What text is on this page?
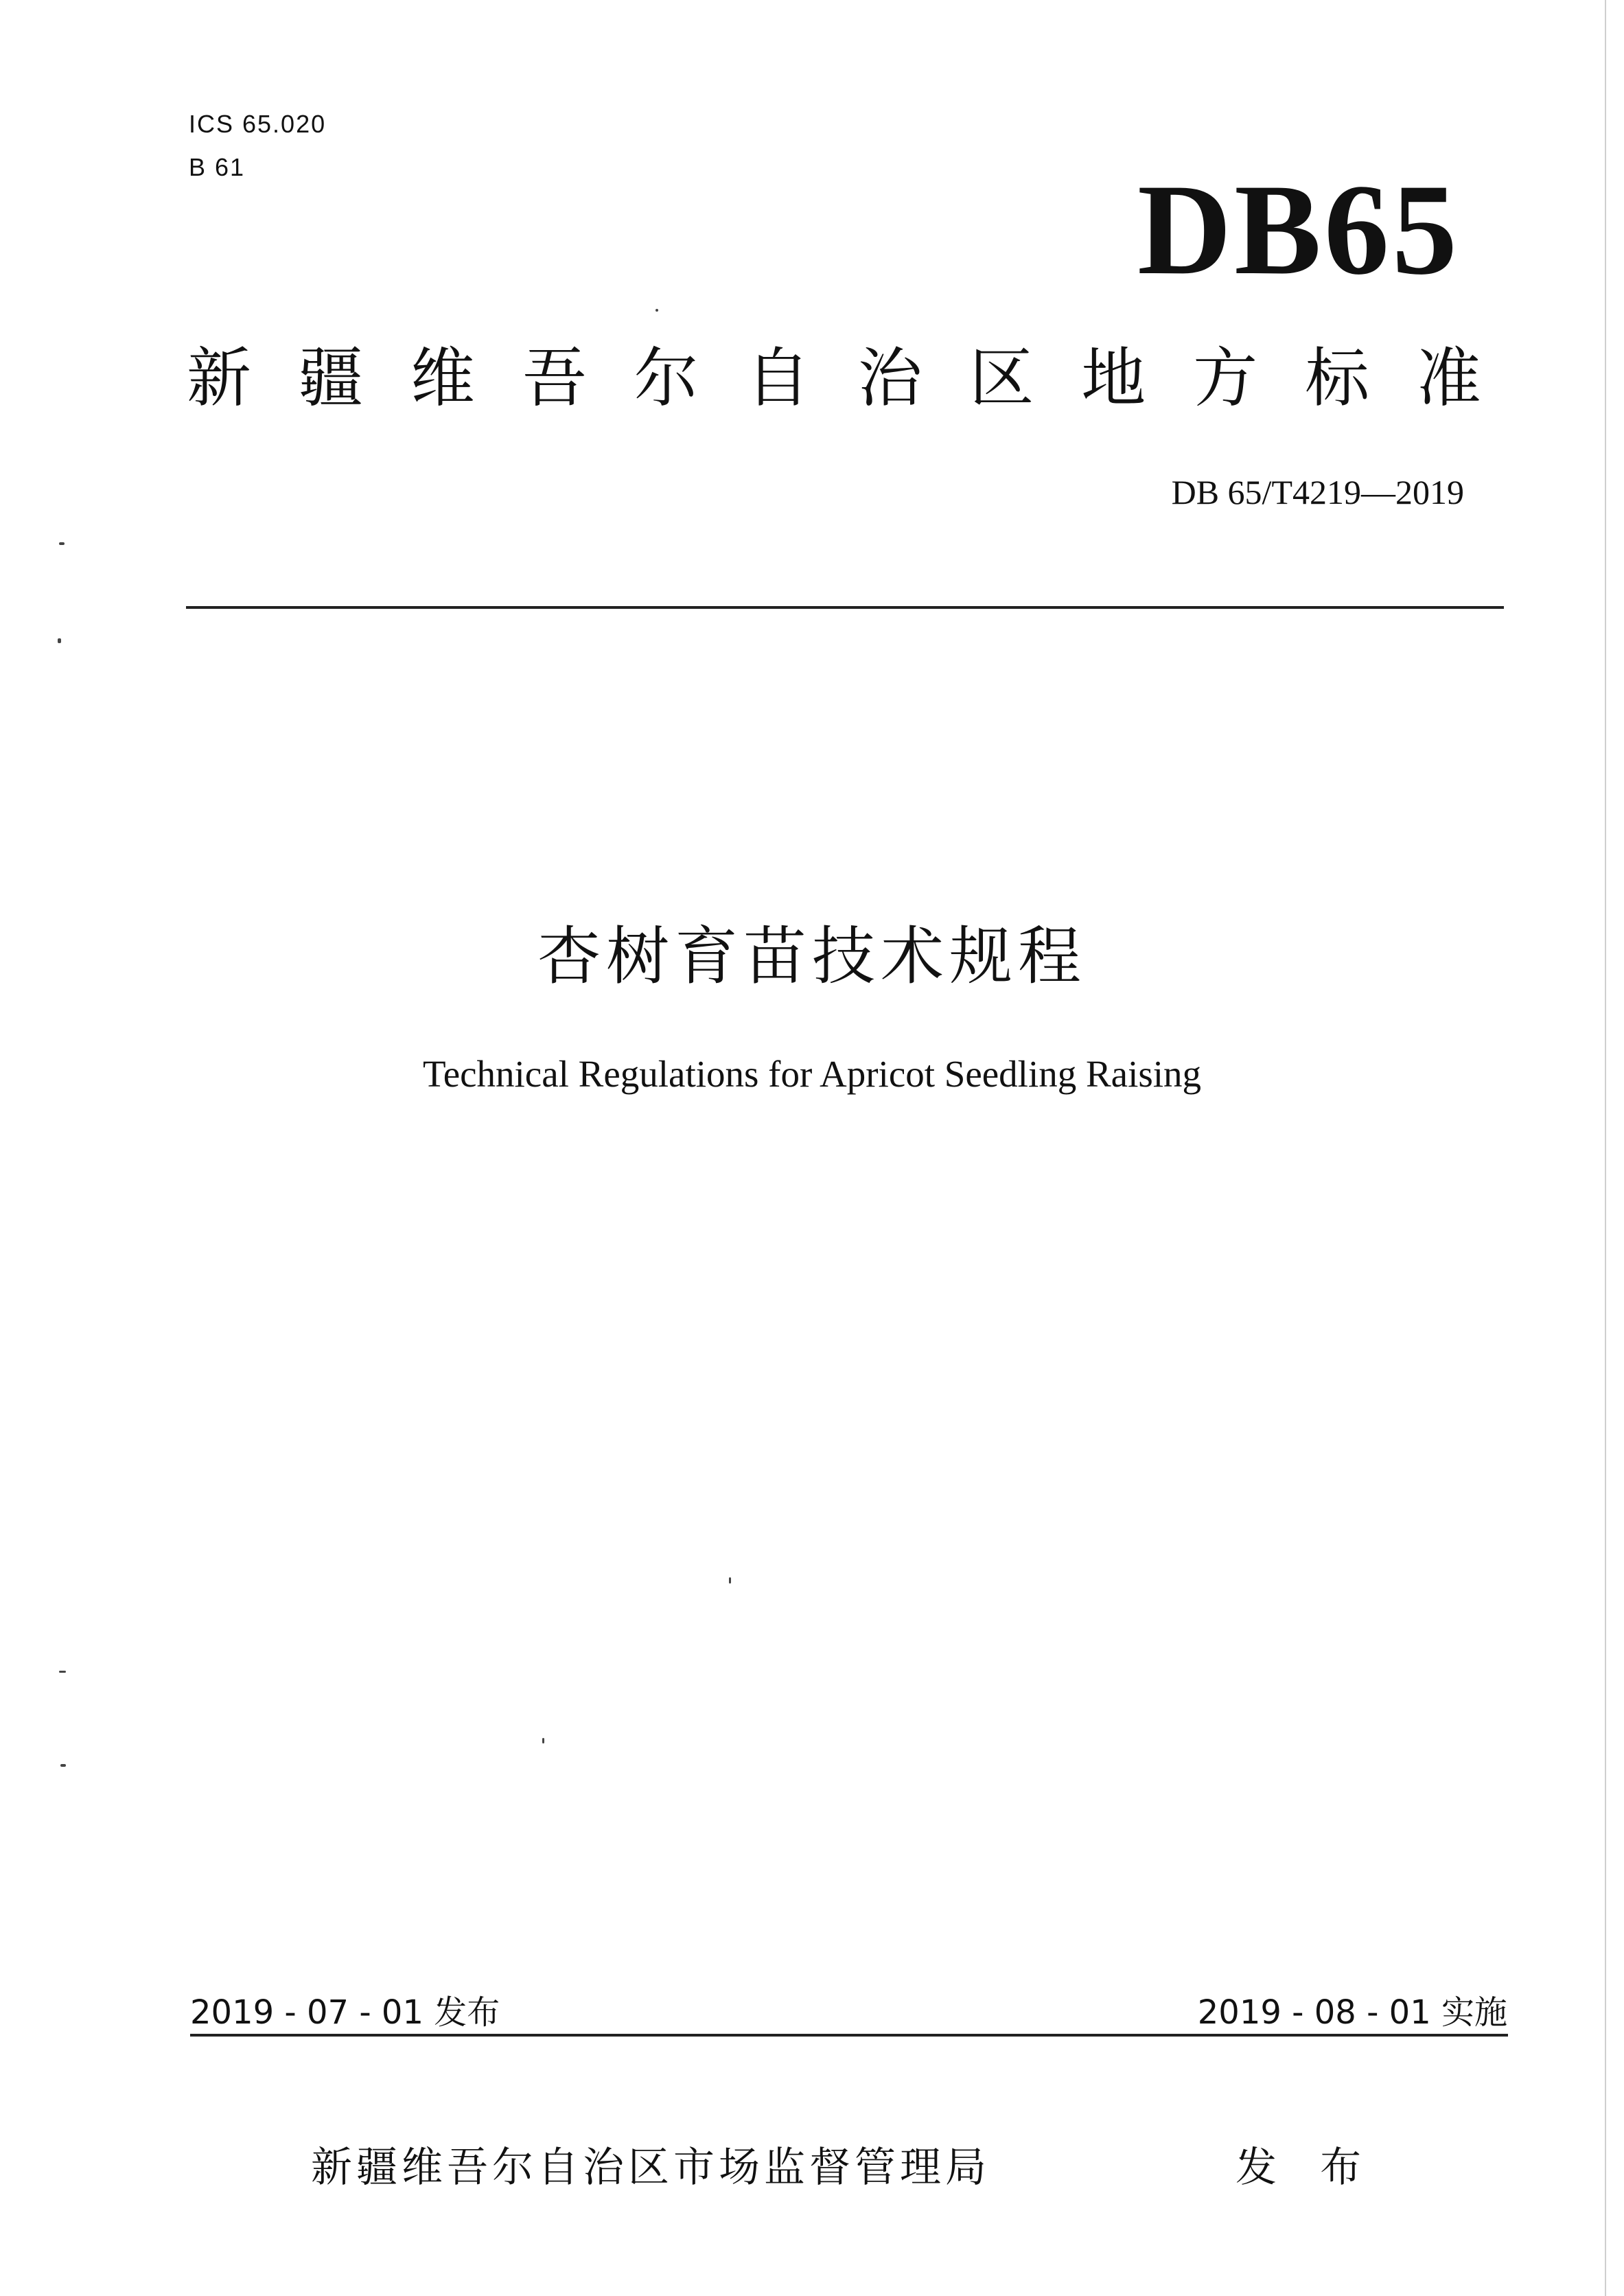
ICS 65.020
B 61	DB65
新 疆 维 吾 尔 自 治 区 地 方 标 准
DB 65/T4219—2019
杏树育苗技术规程
Technical Regulations for Apricot Seedling Raising
2019 - 07 - 01 发布	2019 - 08 - 01 实施
新疆维吾尔自治区市场监督管理局	发 布
